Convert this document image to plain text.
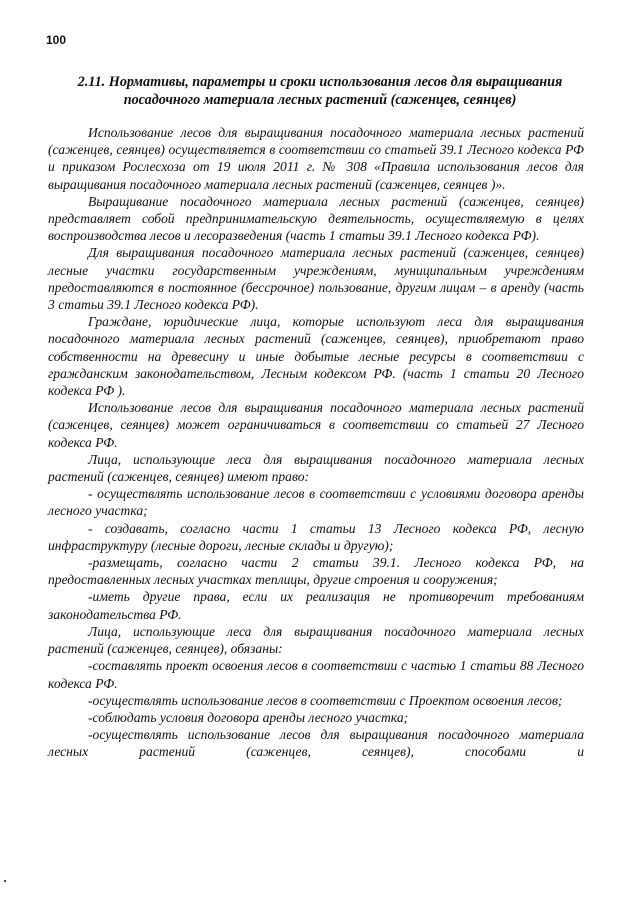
100
2.11. Нормативы, параметры и сроки использования лесов для выращивания посадочного материала лесных растений (саженцев, сеянцев)

Использование лесов для выращивания посадочного материала лесных растений (саженцев, сеянцев) осуществляется в соответствии со статьей 39.1 Лесного кодекса РФ и приказом Рослесхоза от 19 июля 2011 г. № 308 «Правила использования лесов для выращивания посадочного материала лесных растений (саженцев, сеянцев )».

Выращивание посадочного материала лесных растений (саженцев, сеянцев) представляет собой предпринимательскую деятельность, осуществляемую в целях воспроизводства лесов и лесоразведения (часть 1 статьи 39.1 Лесного кодекса РФ).

Для выращивания посадочного материала лесных растений (саженцев, сеянцев) лесные участки государственным учреждениям, муниципальным учреждениям предоставляются в постоянное (бессрочное) пользование, другим лицам – в аренду (часть 3 статьи 39.1 Лесного кодекса РФ).

Граждане, юридические лица, которые используют леса для выращивания посадочного материала лесных растений (саженцев, сеянцев), приобретают право собственности на древесину и иные добытые лесные ресурсы в соответствии с гражданским законодательством, Лесным кодексом РФ. (часть 1 статьи 20 Лесного кодекса РФ ).

Использование лесов для выращивания посадочного материала лесных растений (саженцев, сеянцев) может ограничиваться в соответствии со статьей 27 Лесного кодекса РФ.

Лица, использующие леса для выращивания посадочного материала лесных растений (саженцев, сеянцев) имеют право:

- осуществлять использование лесов в соответствии с условиями договора аренды лесного участка;

- создавать, согласно части 1 статьи 13 Лесного кодекса РФ, лесную инфраструктуру (лесные дороги, лесные склады и другую);

-размещать, согласно части 2 статьи 39.1. Лесного кодекса РФ, на предоставленных лесных участках теплицы, другие строения и сооружения;

-иметь другие права, если их реализация не противоречит требованиям законодательства РФ.

Лица, использующие леса для выращивания посадочного материала лесных растений (саженцев, сеянцев), обязаны:

-составлять проект освоения лесов в соответствии с частью 1 статьи 88 Лесного кодекса РФ.

-осуществлять использование лесов в соответствии с Проектом освоения лесов;

-соблюдать условия договора аренды лесного участка;

-осуществлять использование лесов для выращивания посадочного материала лесных растений (саженцев, сеянцев), способами и
